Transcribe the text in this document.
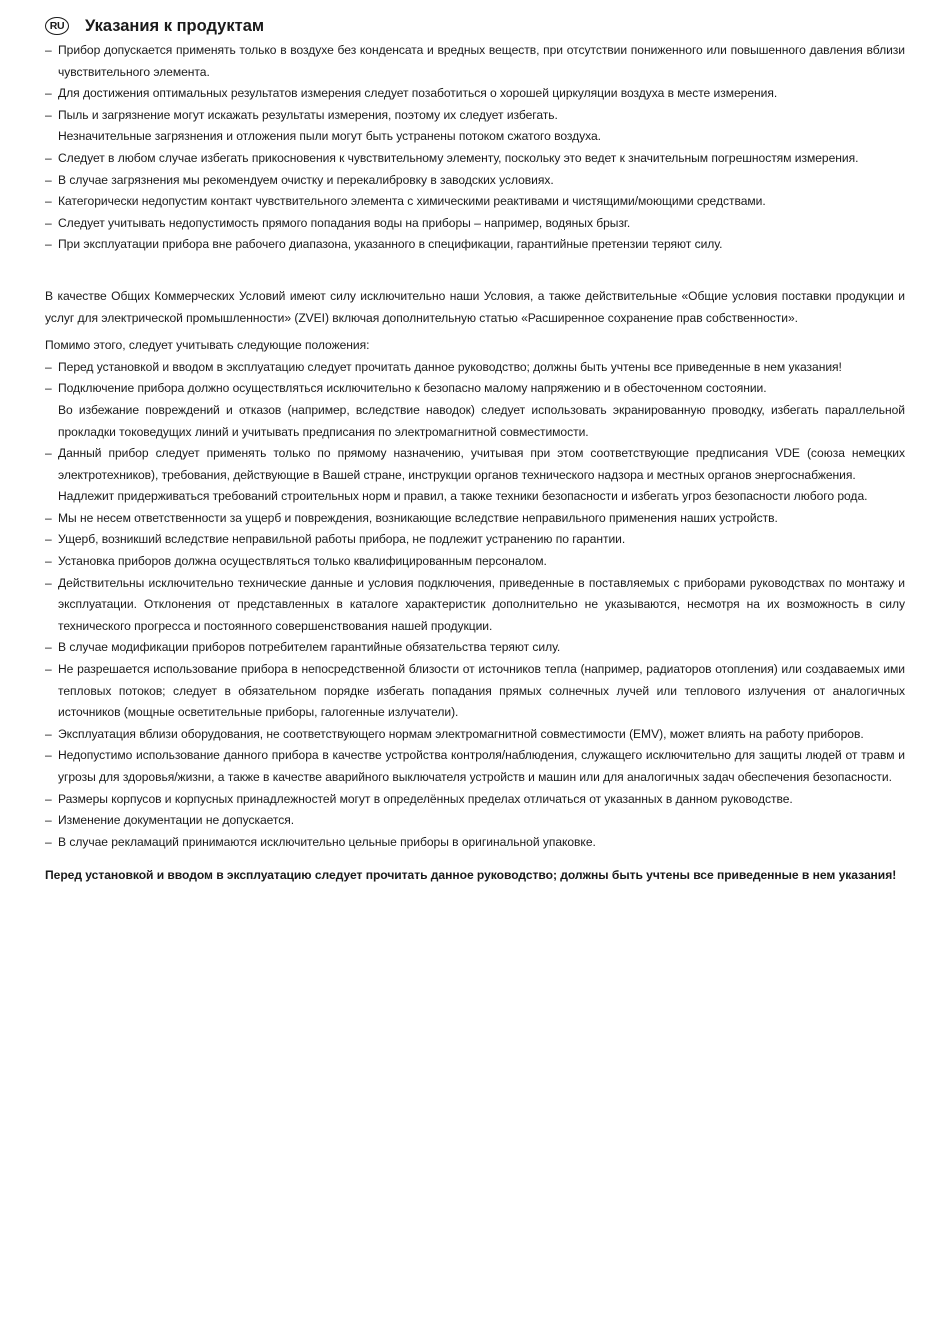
RU Указания к продуктам
– Прибор допускается применять только в воздухе без конденсата и вредных веществ, при отсутствии пониженного или повышенного давления вблизи чувствительного элемента.
– Для достижения оптимальных результатов измерения следует позаботиться о хорошей циркуляции воздуха в месте измерения.
– Пыль и загрязнение могут искажать результаты измерения, поэтому их следует избегать.
Незначительные загрязнения и отложения пыли могут быть устранены потоком сжатого воздуха.
– Следует в любом случае избегать прикосновения к чувствительному элементу, поскольку это ведет к значительным погрешностям измерения.
– В случае загрязнения мы рекомендуем очистку и перекалибровку в заводских условиях.
– Категорически недопустим контакт чувствительного элемента с химическими реактивами и чистящими/моющими средствами.
– Следует учитывать недопустимость прямого попадания воды на приборы – например, водяных брызг.
– При эксплуатации прибора вне рабочего диапазона, указанного в спецификации, гарантийные претензии теряют силу.
В качестве Общих Коммерческих Условий имеют силу исключительно наши Условия, а также действительные «Общие условия поставки продукции и услуг для электрической промышленности» (ZVEI) включая дополнительную статью «Расширенное сохранение прав собственности».
Помимо этого, следует учитывать следующие положения:
– Перед установкой и вводом в эксплуатацию следует прочитать данное руководство; должны быть учтены все приведенные в нем указания!
– Подключение прибора должно осуществляться исключительно к безопасно малому напряжению и в обесточенном состоянии.
Во избежание повреждений и отказов (например, вследствие наводок) следует использовать экранированную проводку, избегать параллельной прокладки токоведущих линий и учитывать предписания по электромагнитной совместимости.
– Данный прибор следует применять только по прямому назначению, учитывая при этом соответствующие предписания VDE (союза немецких электротехников), требования, действующие в Вашей стране, инструкции органов технического надзора и местных органов энергоснабжения.
Надлежит придерживаться требований строительных норм и правил, а также техники безопасности и избегать угроз безопасности любого рода.
– Мы не несем ответственности за ущерб и повреждения, возникающие вследствие неправильного применения наших устройств.
– Ущерб, возникший вследствие неправильной работы прибора, не подлежит устранению по гарантии.
– Установка приборов должна осуществляться только квалифицированным персоналом.
– Действительны исключительно технические данные и условия подключения, приведенные в поставляемых с приборами руководствах по монтажу и эксплуатации. Отклонения от представленных в каталоге характеристик дополнительно не указываются, несмотря на их возможность в силу технического прогресса и постоянного совершенствования нашей продукции.
– В случае модификации приборов потребителем гарантийные обязательства теряют силу.
– Не разрешается использование прибора в непосредственной близости от источников тепла (например, радиаторов отопления) или создаваемых ими тепловых потоков; следует в обязательном порядке избегать попадания прямых солнечных лучей или теплового излучения от аналогичных источников (мощные осветительные приборы, галогенные излучатели).
– Эксплуатация вблизи оборудования, не соответствующего нормам электромагнитной совместимости (EMV), может влиять на работу приборов.
– Недопустимо использование данного прибора в качестве устройства контроля/наблюдения, служащего исключительно для защиты людей от травм и угрозы для здоровья/жизни, а также в качестве аварийного выключателя устройств и машин или для аналогичных задач обеспечения безопасности.
– Размеры корпусов и корпусных принадлежностей могут в определённых пределах отличаться от указанных в данном руководстве.
– Изменение документации не допускается.
– В случае рекламаций принимаются исключительно цельные приборы в оригинальной упаковке.
Перед установкой и вводом в эксплуатацию следует прочитать данное руководство; должны быть учтены все приведенные в нем указания!
